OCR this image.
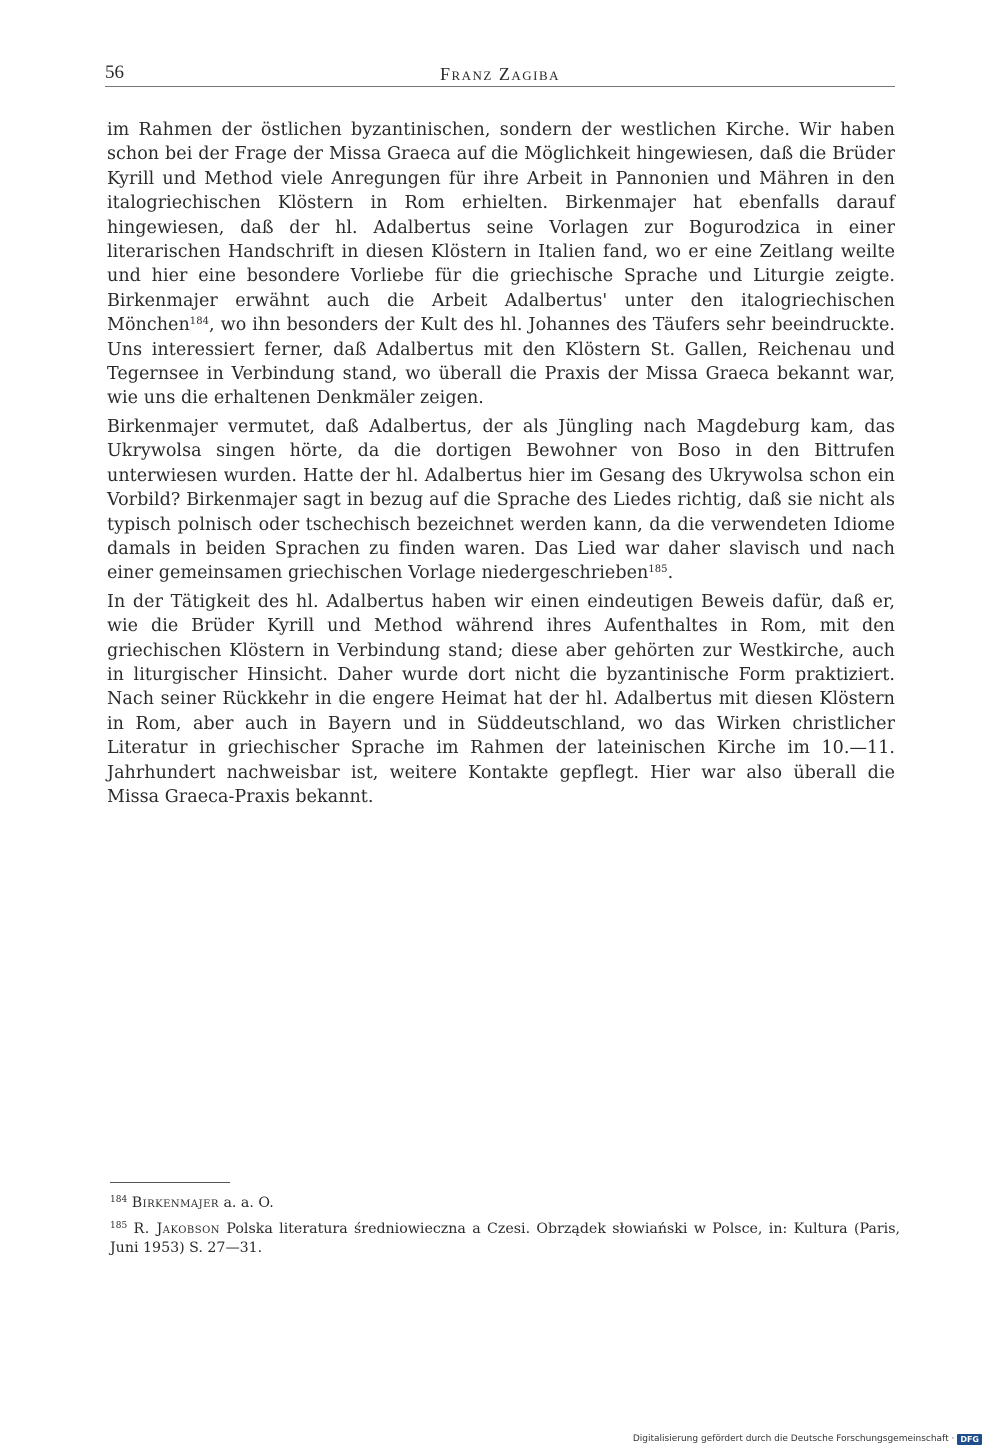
56	Franz Zagiba

im Rahmen der östlichen byzantinischen, sondern der westlichen Kirche. Wir haben schon bei der Frage der Missa Graeca auf die Möglichkeit hingewiesen, daß die Brüder Kyrill und Method viele Anregungen für ihre Arbeit in Pannonien und Mähren in den italogriechischen Klöstern in Rom erhielten. Birkenmajer hat ebenfalls darauf hingewiesen, daß der hl. Adalbertus seine Vorlagen zur Bogurodzica in einer literarischen Handschrift in diesen Klöstern in Italien fand, wo er eine Zeitlang weilte und hier eine besondere Vorliebe für die griechische Sprache und Liturgie zeigte. Birkenmajer erwähnt auch die Arbeit Adalbertus' unter den italogriechischen Mönchen$^{184}$, wo ihn besonders der Kult des hl. Johannes des Täufers sehr beeindruckte. Uns interessiert ferner, daß Adalbertus mit den Klöstern St. Gallen, Reichenau und Tegernsee in Verbindung stand, wo überall die Praxis der Missa Graeca bekannt war, wie uns die erhaltenen Denkmäler zeigen.

Birkenmajer vermutet, daß Adalbertus, der als Jüngling nach Magdeburg kam, das Ukrywolsa singen hörte, da die dortigen Bewohner von Boso in den Bittrufen unterwiesen wurden. Hatte der hl. Adalbertus hier im Gesang des Ukrywolsa schon ein Vorbild? Birkenmajer sagt in bezug auf die Sprache des Liedes richtig, daß sie nicht als typisch polnisch oder tschechisch bezeichnet werden kann, da die verwendeten Idiome damals in beiden Sprachen zu finden waren. Das Lied war daher slavisch und nach einer gemeinsamen griechischen Vorlage niedergeschrieben$^{185}$.

In der Tätigkeit des hl. Adalbertus haben wir einen eindeutigen Beweis dafür, daß er, wie die Brüder Kyrill und Method während ihres Aufenthaltes in Rom, mit den griechischen Klöstern in Verbindung stand; diese aber gehörten zur Westkirche, auch in liturgischer Hinsicht. Daher wurde dort nicht die byzantinische Form praktiziert. Nach seiner Rückkehr in die engere Heimat hat der hl. Adalbertus mit diesen Klöstern in Rom, aber auch in Bayern und in Süddeutschland, wo das Wirken christlicher Literatur in griechischer Sprache im Rahmen der lateinischen Kirche im 10.—11. Jahrhundert nachweisbar ist, weitere Kontakte gepflegt. Hier war also überall die Missa Graeca-Praxis bekannt.

$^{184}$ Birkenmajer a. a. O.

$^{185}$ R. Jakobson Polska literatura średniowieczna a Czesi. Obrządek słowiański w Polsce, in: Kultura (Paris, Juni 1953) S. 27—31.

Digitalisierung gefördert durch die Deutsche Forschungsgemeinschaft · DFG
